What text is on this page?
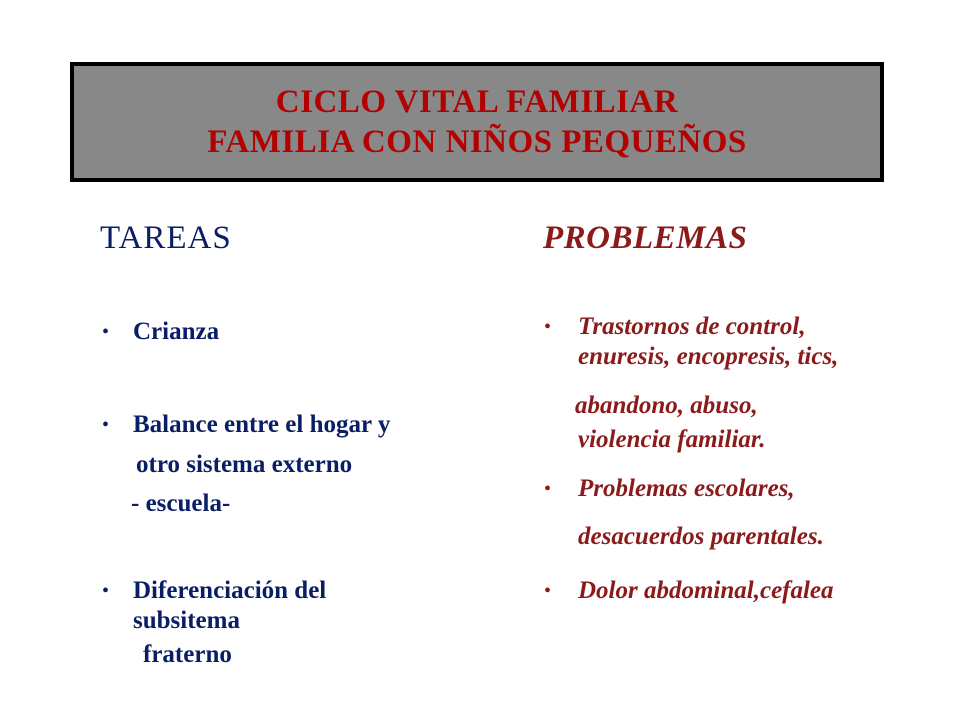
CICLO VITAL FAMILIAR
FAMILIA CON NIÑOS PEQUEÑOS
TAREAS
• Crianza
• Balance entre el hogar y
otro sistema externo
- escuela-
• Diferenciación del
subsitema
fraterno
PROBLEMAS
• Trastornos de control,
enuresis, encopresis, tics,
abandono, abuso,
violencia familiar.
• Problemas escolares,
desacuerdos parentales.
• Dolor abdominal,cefalea
